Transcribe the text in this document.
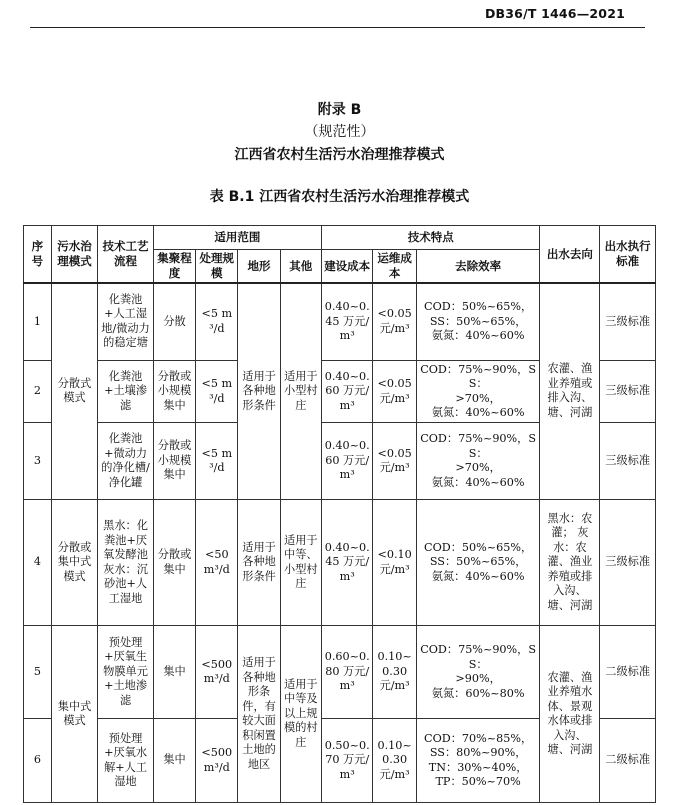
DB36/T 1446—2021
附录 B
（规范性）
江西省农村生活污水治理推荐模式
表 B.1 江西省农村生活污水治理推荐模式
序号	污水治理模式	技术工艺流程	适用范围				技术特点			出水去向	出水执行标准
			集聚程度	处理规模	地形	其他	建设成本	运维成本	去除效率		
1	分散式模式	化粪池+人工湿地/微动力的稳定塘	分散	<5 m³/d	适用于各种地形条件	适用于小型村庄	0.40~0.45 万元/m³	<0.05 元/m³	COD：50%~65%，
SS：50%~65%，
氨氮：40%~60%	农灌、渔业养殖或排入沟、塘、河湖	三级标准
2		化粪池+土壤渗滤	分散或小规模集中	<5 m³/d			0.40~0.60 万元/m³	<0.05 元/m³	COD：75%~90%，SS：
>70%，
氨氮：40%~60%		三级标准
3		化粪池+微动力的净化槽/净化罐	分散或小规模集中	<5 m³/d			0.40~0.60 万元/ m³	<0.05 元/m³	COD：75%~90%，SS：
>70%，
氨氮：40%~60%		三级标准
4	分散或集中式模式	黑水：化粪池+厌氧发酵池 灰水：沉砂池+人工湿地	分散或集中	<50 m³/d	适用于各种地形条件	适用于中等、小型村庄	0.40~0.45 万元/m³	<0.10 元/m³	COD：50%~65%，
SS：50%~65%，
氨氮：40%~60%	黑水：农灌； 灰水：农灌、渔业养殖或排入沟、塘、河湖	三级标准
5	集中式模式	预处理+厌氧生物膜单元+土地渗滤	集中	<500 m³/d	适用于各种地形条件，有较大面积闲置土地的地区	适用于中等及以上规模的村庄	0.60~0.80 万元/m³	0.10~0.30 元/m³	COD：75%~90%，SS：
>90%，
氨氮：60%~80%	农灌、渔业养殖水体、景观水体或排入沟、塘、河湖	二级标准
6		预处理+厌氧水解+人工湿地	集中	<500 m³/d			0.50~0.70 万元/m³	0.10~0.30 元/m³	COD：70%~85%，
SS：80%~90%，
TN：30%~40%，
TP：50%~70%		二级标准
